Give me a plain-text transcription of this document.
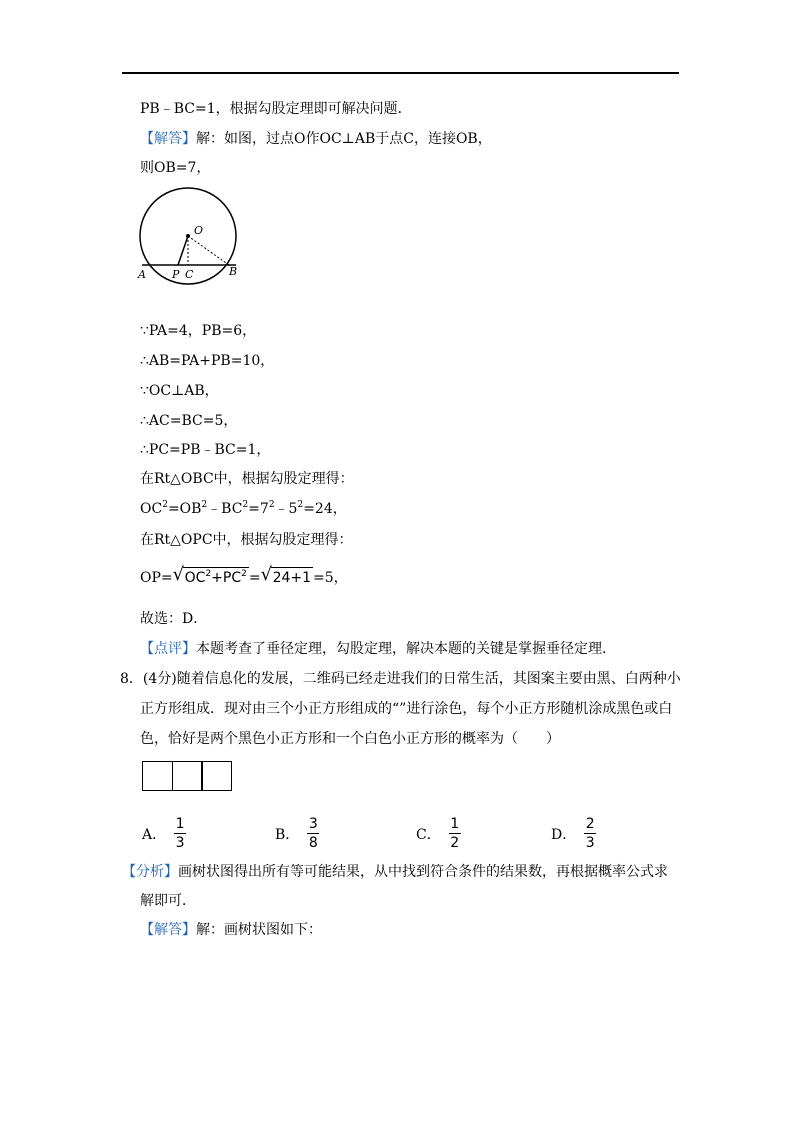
PB﹣BC=1，根据勾股定理即可解决问题．
【解答】解：如图，过点O作OC⊥AB于点C，连接OB，
则OB=7，
O
A P C	B
∵PA=4，PB=6，
∴AB=PA+PB=10，
∵OC⊥AB，
∴AC=BC=5，
∴PC=PB﹣BC=1，
在Rt△OBC中，根据勾股定理得：
$OC^2=OB^2﹣BC^2=7^2﹣5^2=24$，
在Rt△OPC中，根据勾股定理得：
OP= √ $OC^2+PC^2$ = √ 24+1 =5，
故选：D．
【点评】本题考查了垂径定理，勾股定理，解决本题的关键是掌握垂径定理．
8．(4分)随着信息化的发展，二维码已经走进我们的日常生活，其图案主要由黑、白两种小
正方形组成．现对由三个小正方形组成的“”进行涂色，每个小正方形随机涂成黑色或白
色，恰好是两个黑色小正方形和一个白色小正方形的概率为（　　）
A． $\frac{1}{3}$	B． $\frac{3}{8}$	C． $\frac{1}{2}$	D． $\frac{2}{3}$
【分析】画树状图得出所有等可能结果，从中找到符合条件的结果数，再根据概率公式求
解即可．
【解答】解：画树状图如下：
